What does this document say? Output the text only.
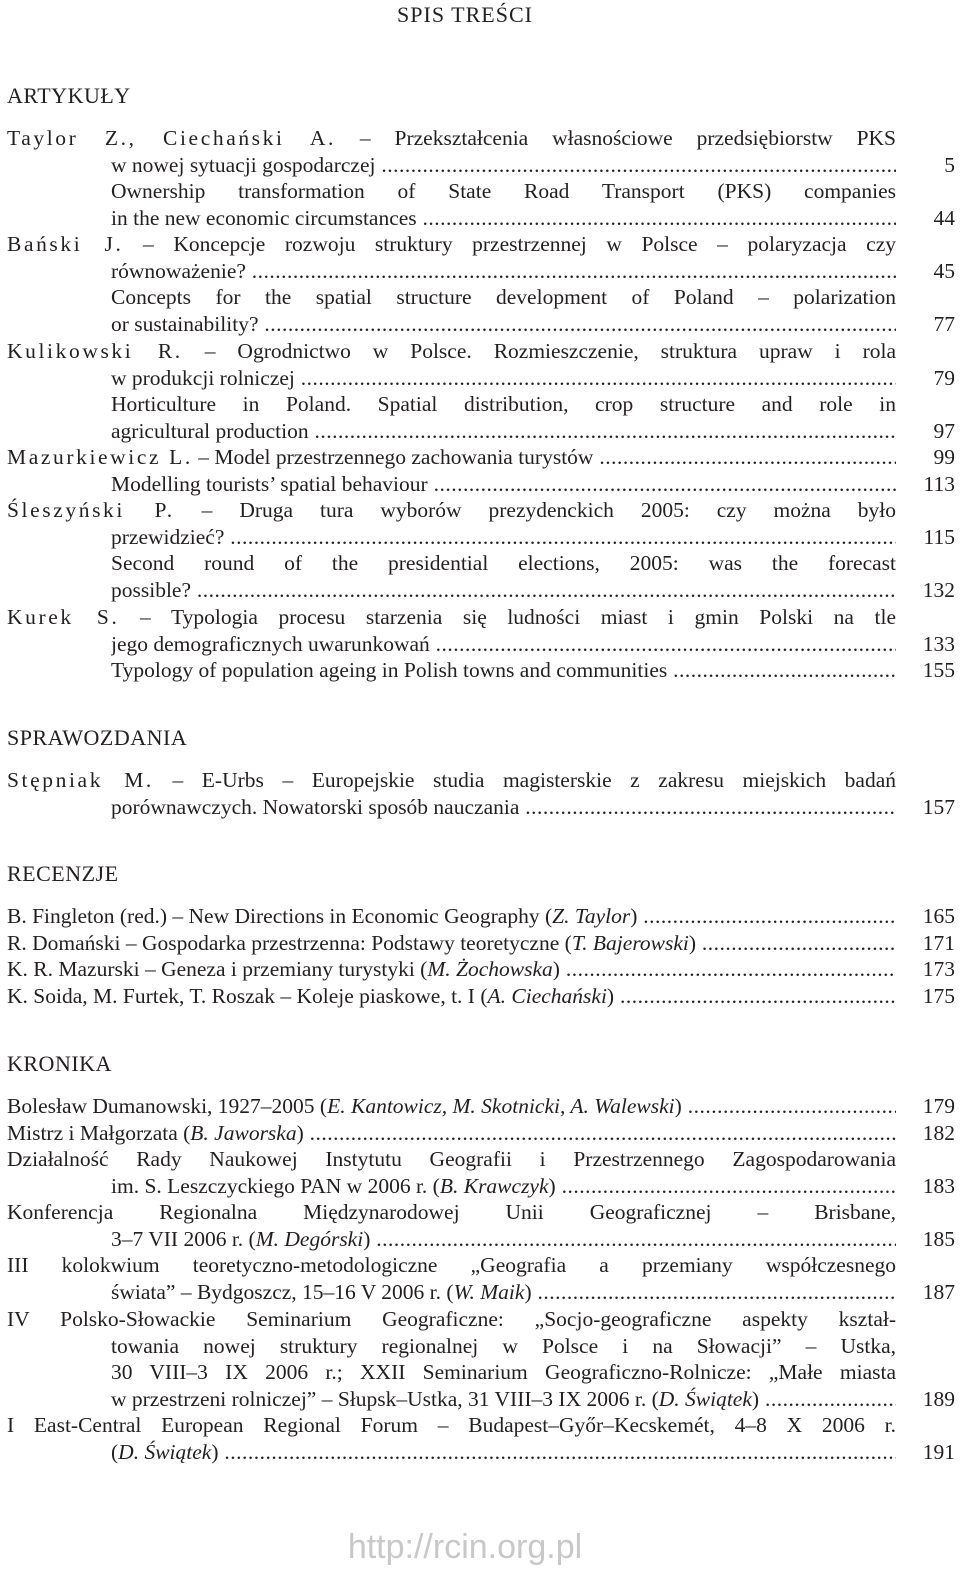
SPIS TREŚCI
ARTYKUŁY
Taylor Z., Ciechański A. – Przekształcenia własnościowe przedsiębiorstw PKS
w nowej sytuacji gospodarczej .....	5
Ownership transformation of State Road Transport (PKS) companies
in the new economic circumstances .....	44
Bański J. – Koncepcje rozwoju struktury przestrzennej w Polsce – polaryzacja czy
równoważenie? .....	45
Concepts for the spatial structure development of Poland – polarization
or sustainability? .....	77
Kulikowski R. – Ogrodnictwo w Polsce. Rozmieszczenie, struktura upraw i rola
w produkcji rolniczej .....	79
Horticulture in Poland. Spatial distribution, crop structure and role in
agricultural production .....	97
Mazurkiewicz L. – Model przestrzennego zachowania turystów .....	99
Modelling tourists’ spatial behaviour .....	113
Śleszyński P. – Druga tura wyborów prezydenckich 2005: czy można było
przewidzieć? .....	115
Second round of the presidential elections, 2005: was the forecast
possible? .....	132
Kurek S. – Typologia procesu starzenia się ludności miast i gmin Polski na tle
jego demograficznych uwarunkowań .....	133
Typology of population ageing in Polish towns and communities .....	155
SPRAWOZDANIA
Stępniak M. – E-Urbs – Europejskie studia magisterskie z zakresu miejskich badań
porównawczych. Nowatorski sposób nauczania .....	157
RECENZJE
B. Fingleton (red.) – New Directions in Economic Geography (Z. Taylor) .....	165
R. Domański – Gospodarka przestrzenna: Podstawy teoretyczne (T. Bajerowski) .....	171
K. R. Mazurski – Geneza i przemiany turystyki (M. Żochowska) .....	173
K. Soida, M. Furtek, T. Roszak – Koleje piaskowe, t. I (A. Ciechański) .....	175
KRONIKA
Bolesław Dumanowski, 1927–2005 (E. Kantowicz, M. Skotnicki, A. Walewski) .....	179
Mistrz i Małgorzata (B. Jaworska) .....	182
Działalność Rady Naukowej Instytutu Geografii i Przestrzennego Zagospodarowania
im. S. Leszczyckiego PAN w 2006 r. (B. Krawczyk) .....	183
Konferencja Regionalna Międzynarodowej Unii Geograficznej – Brisbane,
3–7 VII 2006 r. (M. Degórski) .....	185
III kolokwium teoretyczno-metodologiczne „Geografia a przemiany współczesnego
świata” – Bydgoszcz, 15–16 V 2006 r. (W. Maik) .....	187
IV Polsko-Słowackie Seminarium Geograficzne: „Socjo-geograficzne aspekty kształ-
towania nowej struktury regionalnej w Polsce i na Słowacji” – Ustka,
30 VIII–3 IX 2006 r.; XXII Seminarium Geograficzno-Rolnicze: „Małe miasta
w przestrzeni rolniczej” – Słupsk–Ustka, 31 VIII–3 IX 2006 r. (D. Świątek) .....	189
I East-Central European Regional Forum – Budapest–Győr–Kecskemét, 4–8 X 2006 r.
(D. Świątek) .....	191
http://rcin.org.pl
